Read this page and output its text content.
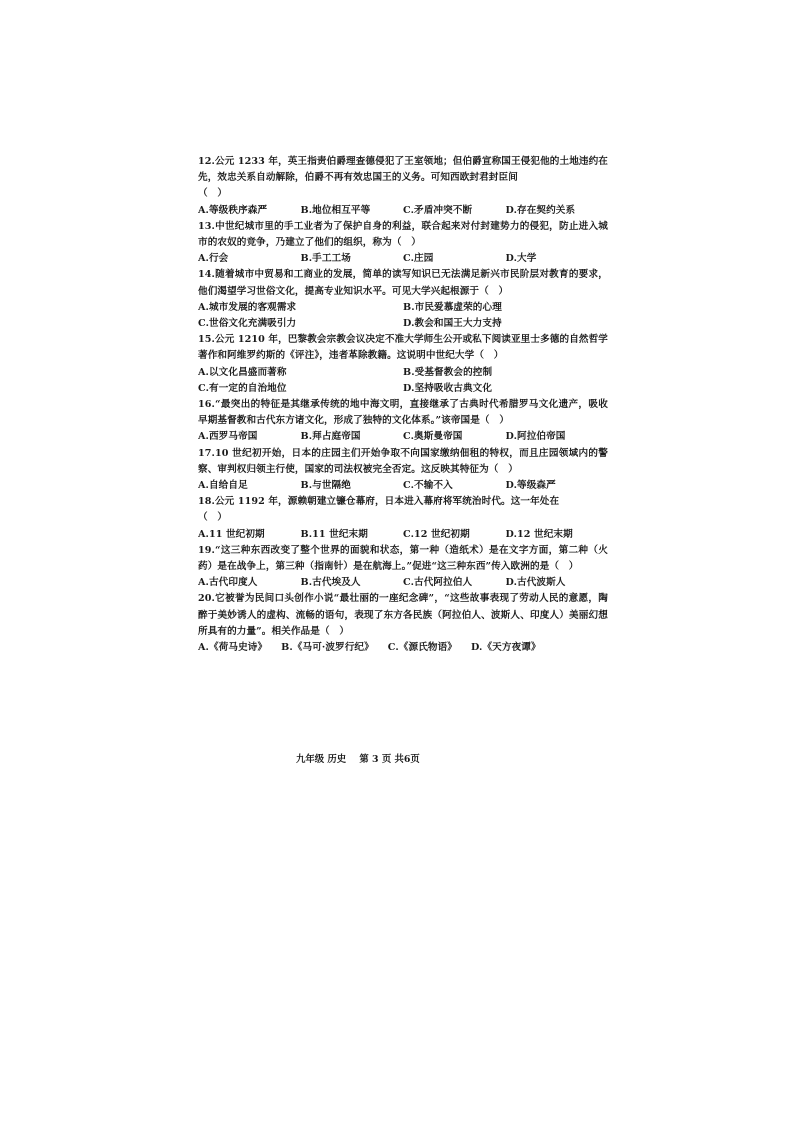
12.公元 1233 年，英王指责伯爵理查德侵犯了王室领地；但伯爵宣称国王侵犯他的土地违约在先，效忠关系自动解除，伯爵不再有效忠国王的义务。可知西欧封君封臣间

（　）

A.等级秩序森严	B.地位相互平等	C.矛盾冲突不断	D.存在契约关系

13.中世纪城市里的手工业者为了保护自身的利益，联合起来对付封建势力的侵犯，防止进入城市的农奴的竞争，乃建立了他们的组织，称为（　）

A.行会	B.手工工场	C.庄园	D.大学

14.随着城市中贸易和工商业的发展，简单的读写知识已无法满足新兴市民阶层对教育的要求，他们渴望学习世俗文化，提高专业知识水平。可见大学兴起根源于（　）

A.城市发展的客观需求	B.市民爱慕虚荣的心理
C.世俗文化充满吸引力	D.教会和国王大力支持

15.公元 1210 年，巴黎教会宗教会议决定不准大学师生公开或私下阅读亚里士多德的自然哲学著作和阿维罗约斯的《评注》，违者革除教籍。这说明中世纪大学（　）

A.以文化昌盛而著称	B.受基督教会的控制
C.有一定的自治地位	D.坚持吸收古典文化

16.“最突出的特征是其继承传统的地中海文明，直接继承了古典时代希腊罗马文化遗产，吸收早期基督教和古代东方诸文化，形成了独特的文化体系。”该帝国是（　）

A.西罗马帝国	B.拜占庭帝国	C.奥斯曼帝国	D.阿拉伯帝国

17.10 世纪初开始，日本的庄园主们开始争取不向国家缴纳佃租的特权，而且庄园领域内的警察、审判权归领主行使，国家的司法权被完全否定。这反映其特征为（　）

A.自给自足	B.与世隔绝	C.不输不入	D.等级森严

18.公元 1192 年，源赖朝建立镰仓幕府，日本进入幕府将军统治时代。这一年处在

（　）

A.11 世纪初期	B.11 世纪末期	C.12 世纪初期	D.12 世纪末期

19.“这三种东西改变了整个世界的面貌和状态，第一种（造纸术）是在文字方面，第二种（火药）是在战争上，第三种（指南针）是在航海上。”促进“这三种东西”传入欧洲的是（　）

A.古代印度人	B.古代埃及人	C.古代阿拉伯人	D.古代波斯人

20.它被誉为民间口头创作小说“最壮丽的一座纪念碑”，“这些故事表现了劳动人民的意愿，陶醉于美妙诱人的虚构、流畅的语句，表现了东方各民族（阿拉伯人、波斯人、印度人）美丽幻想所具有的力量”。相关作品是（　）

A.《荷马史诗》 B.《马可·波罗行纪》 C.《源氏物语》 D.《天方夜谭》
九年级 历史 第 3 页 共6页
